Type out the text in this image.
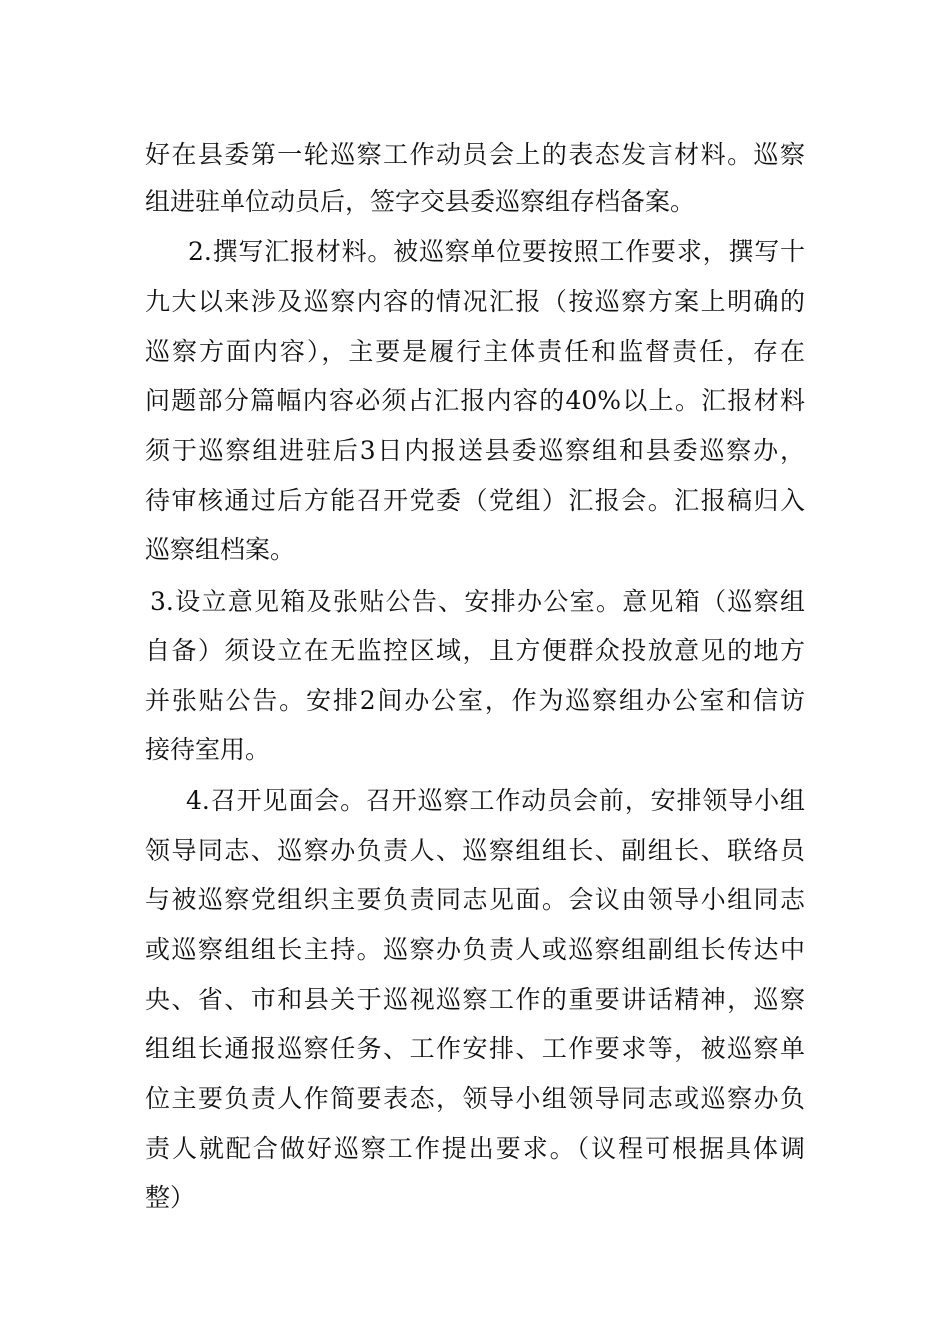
好在县委第一轮巡察工作动员会上的表态发言材料。巡察
组进驻单位动员后，签字交县委巡察组存档备案。
2.撰写汇报材料。被巡察单位要按照工作要求，撰写十
九大以来涉及巡察内容的情况汇报（按巡察方案上明确的
巡察方面内容），主要是履行主体责任和监督责任，存在
问题部分篇幅内容必须占汇报内容的40%以上。汇报材料
须于巡察组进驻后3日内报送县委巡察组和县委巡察办，
待审核通过后方能召开党委（党组）汇报会。汇报稿归入
巡察组档案。
3.设立意见箱及张贴公告、安排办公室。意见箱（巡察组
自备）须设立在无监控区域，且方便群众投放意见的地方
并张贴公告。安排2间办公室，作为巡察组办公室和信访
接待室用。
4.召开见面会。召开巡察工作动员会前，安排领导小组
领导同志、巡察办负责人、巡察组组长、副组长、联络员
与被巡察党组织主要负责同志见面。会议由领导小组同志
或巡察组组长主持。巡察办负责人或巡察组副组长传达中
央、省、市和县关于巡视巡察工作的重要讲话精神，巡察
组组长通报巡察任务、工作安排、工作要求等，被巡察单
位主要负责人作简要表态，领导小组领导同志或巡察办负
责人就配合做好巡察工作提出要求。（议程可根据具体调
整）
